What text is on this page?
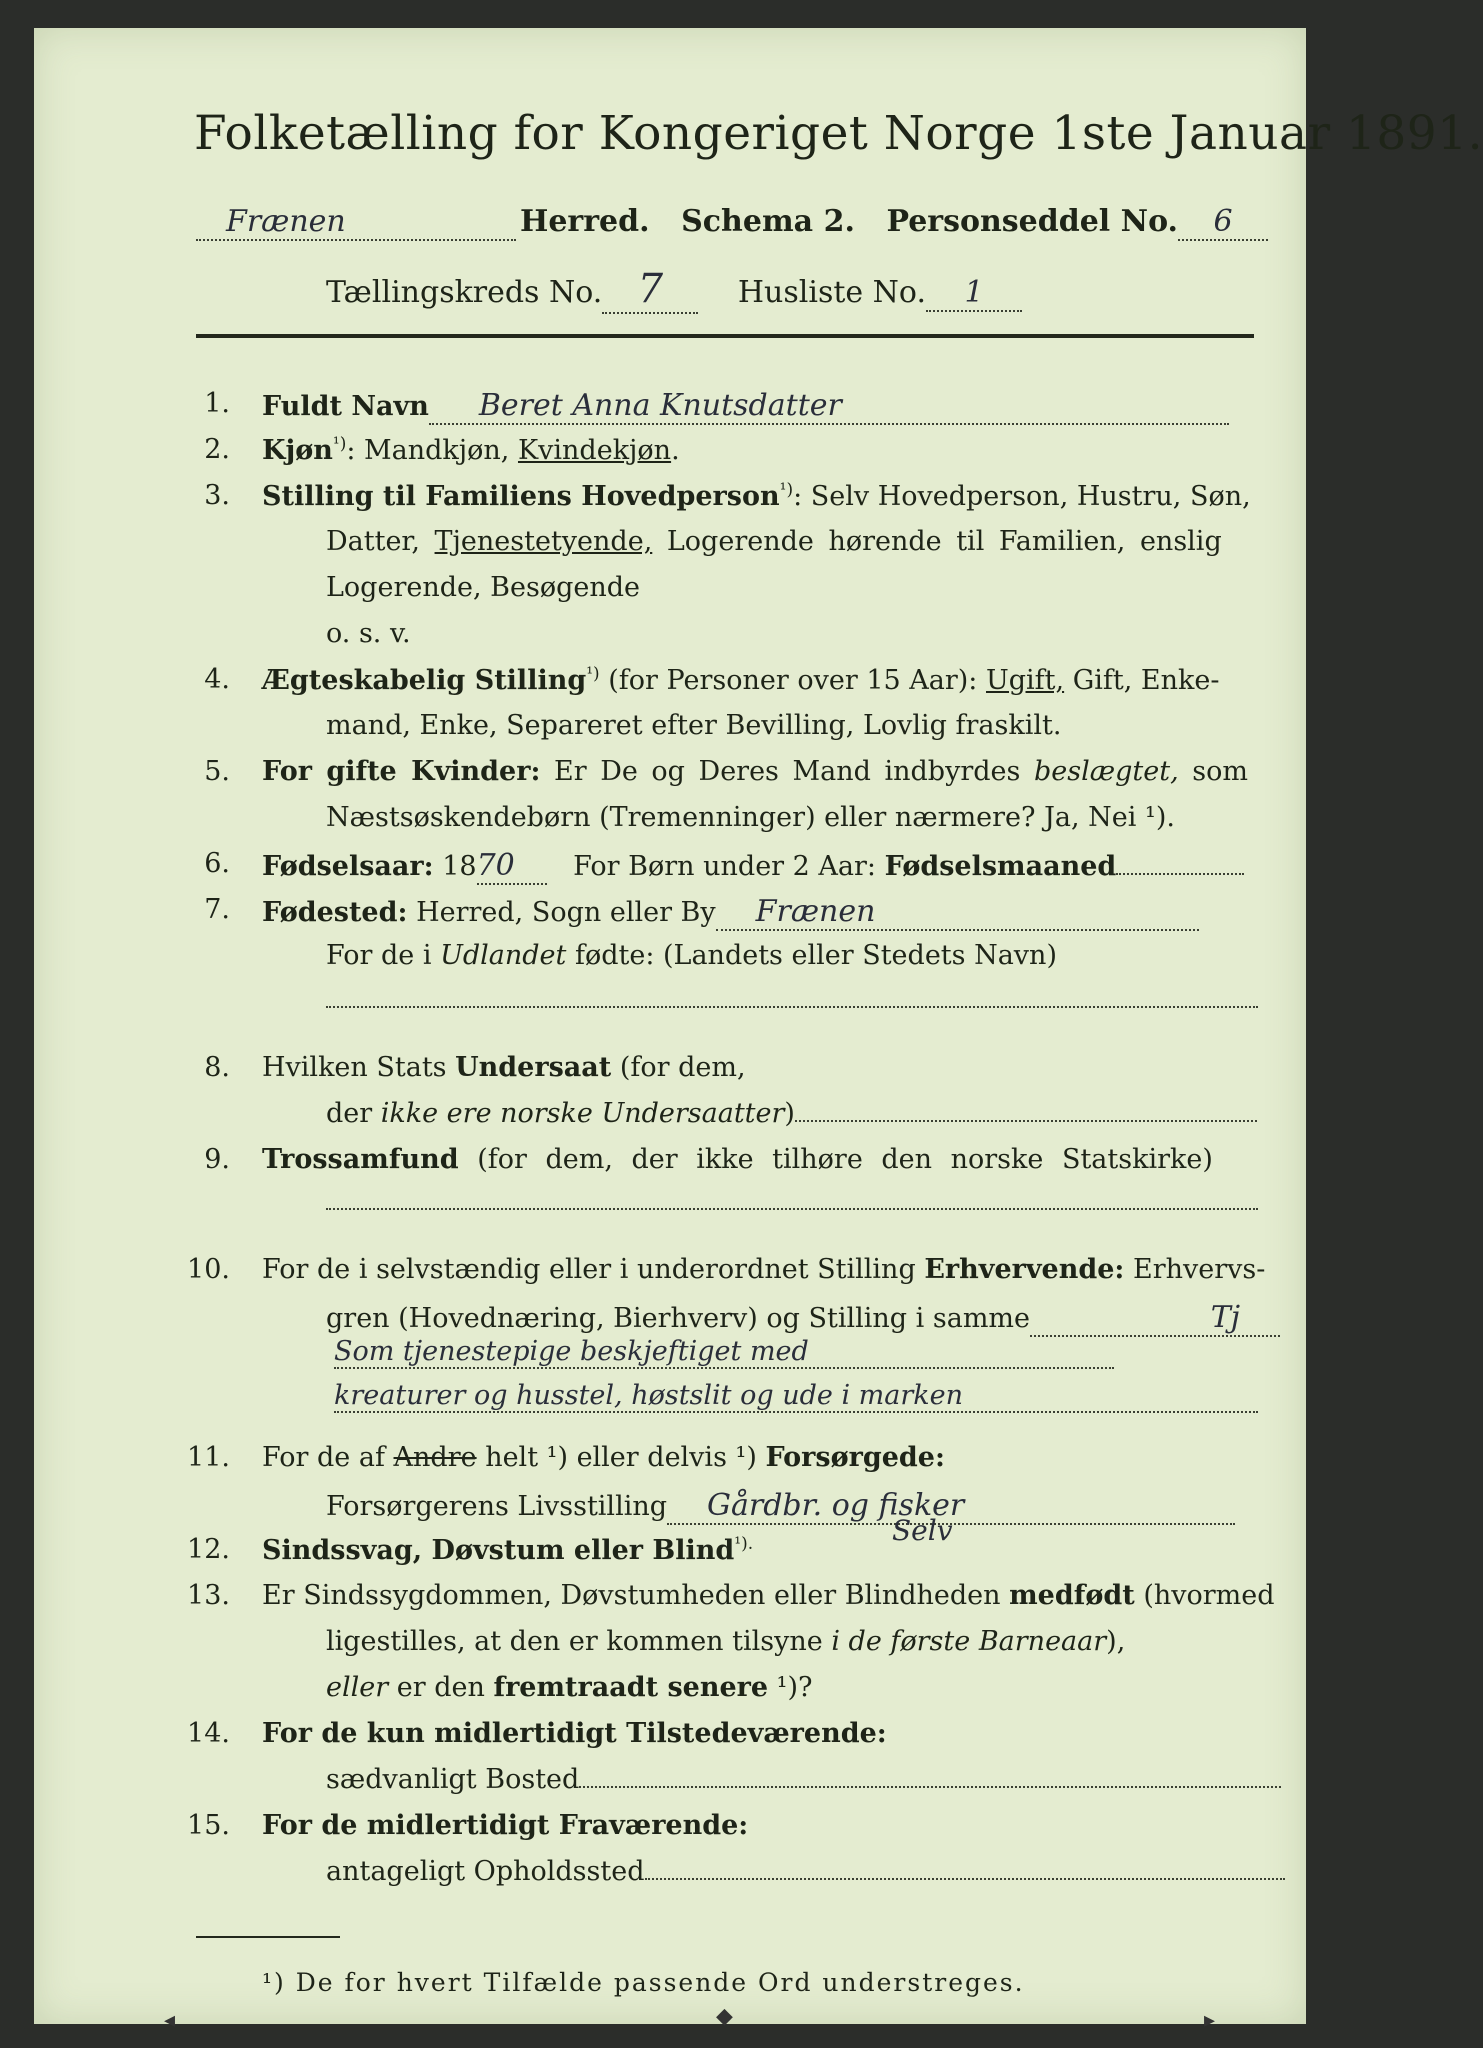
Folketælling for Kongeriget Norge 1ste Januar 1891.
Frænen	Herred. Schema 2. Personseddel No. 6
Tællingskreds No. 7 Husliste No. 1
1. Fuldt Navn Beret Anna Knutsdatter
2. Kjøn$^{^1)}$: Mandkjøn, Kvindekjøn.
3. Stilling til Familiens Hovedperson$^{^1)}$: Selv Hovedperson, Hustru, Søn,
Datter, Tjenestetyende, Logerende hørende til Familien, enslig
Logerende, Besøgende
o. s. v.
4. Ægteskabelig Stilling$^{^1)}$ (for Personer over 15 Aar): Ugift, Gift, Enke-
mand, Enke, Separeret efter Bevilling, Lovlig fraskilt.
5. For gifte Kvinder: Er De og Deres Mand indbyrdes beslægtet, som
Næstsøskendebørn (Tremenninger) eller nærmere? Ja, Nei ¹).
6. Fødselsaar: 1870 For Børn under 2 Aar: Fødselsmaaned
7. Fødested: Herred, Sogn eller By Frænen
For de i Udlandet fødte: (Landets eller Stedets Navn)
8. Hvilken Stats Undersaat (for dem,
der ikke ere norske Undersaatter)
9. Trossamfund (for dem, der ikke tilhøre den norske Statskirke)
10. For de i selvstændig eller i underordnet Stilling Erhvervende: Erhvervs-
gren (Hovednæring, Bierhverv) og Stilling i samme	Tj
Som tjenestepige beskjeftiget med
kreaturer og husstel, høstslit og ude i marken
11. For de af Andre helt ¹) eller delvis ¹) Forsørgede:
Forsørgerens Livsstilling Gårdbr. og fisker
12. Sindssvag, Døvstum eller Blind$^{^1).}$	Selv
13. Er Sindssygdommen, Døvstumheden eller Blindheden medfødt (hvormed
ligestilles, at den er kommen tilsyne i de første Barneaar),
eller er den fremtraadt senere ¹)?
14. For de kun midlertidigt Tilstedeværende:
sædvanligt Bosted
15. For de midlertidigt Fraværende:
antageligt Opholdssted
¹) De for hvert Tilfælde passende Ord understreges.
◂	◆	▸
